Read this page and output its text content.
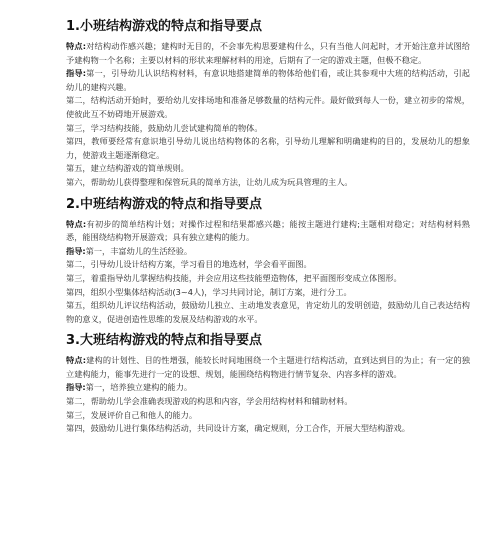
1.小班结构游戏的特点和指导要点

特点:对结构动作感兴趣；建构时无目的，不会事先构思要建构什么，只有当他人问起时，才开始注意并试图给予建构物一个名称；主要以材料的形状来理解材料的用途，后期有了一定的游戏主题，但极不稳定。

指导:第一，引导幼儿认识结构材料，有意识地搭建简单的物体给他们看，或让其参观中大班的结构活动，引起幼儿的建构兴趣。

第二，结构活动开始时，要给幼儿安排场地和准备足够数量的结构元件。最好做到每人一份，建立初步的常规，使彼此互不妨碍地开展游戏。

第三，学习结构技能，鼓励幼儿尝试建构简单的物体。

第四，教师要经常有意识地引导幼儿说出结构物体的名称，引导幼儿理解和明确建构的目的，发展幼儿的想象力，使游戏主题逐渐稳定。

第五，建立结构游戏的简单规则。

第六，帮助幼儿获得整理和保管玩具的简单方法，让幼儿成为玩具管理的主人。

2.中班结构游戏的特点和指导要点

特点:有初步的简单结构计划；对操作过程和结果都感兴趣；能按主题进行建构;主题相对稳定；对结构材料熟悉，能围绕结构物开展游戏；具有独立建构的能力。

指导:第一，丰富幼儿的生活经验。

第二，引导幼儿设计结构方案，学习看目的地选材，学会看平面图。

第三，着重指导幼儿掌握结构技能，并会应用这些技能塑造物体，把平面图形变成立体图形。

第四，组织小型集体结构活动(3~4人)，学习共同讨论，制订方案，进行分工。

第五，组织幼儿评议结构活动，鼓励幼儿独立、主动地发表意见，肯定幼儿的发明创造，鼓励幼儿自己表达结构物的意义，促进创造性思维的发展及结构游戏的水平。

3.大班结构游戏的特点和指导要点

特点:建构的计划性、目的性增强，能较长时间地围绕一个主题进行结构活动，直到达到目的为止；有一定的独立建构能力，能事先进行一定的设想、规划，能围绕结构物进行情节复杂、内容多样的游戏。

指导:第一，培养独立建构的能力。

第二，帮助幼儿学会准确表现游戏的构思和内容，学会用结构材料和辅助材料。

第三，发展评价自己和他人的能力。

第四，鼓励幼儿进行集体结构活动，共同设计方案，确定规则，分工合作，开展大型结构游戏。
